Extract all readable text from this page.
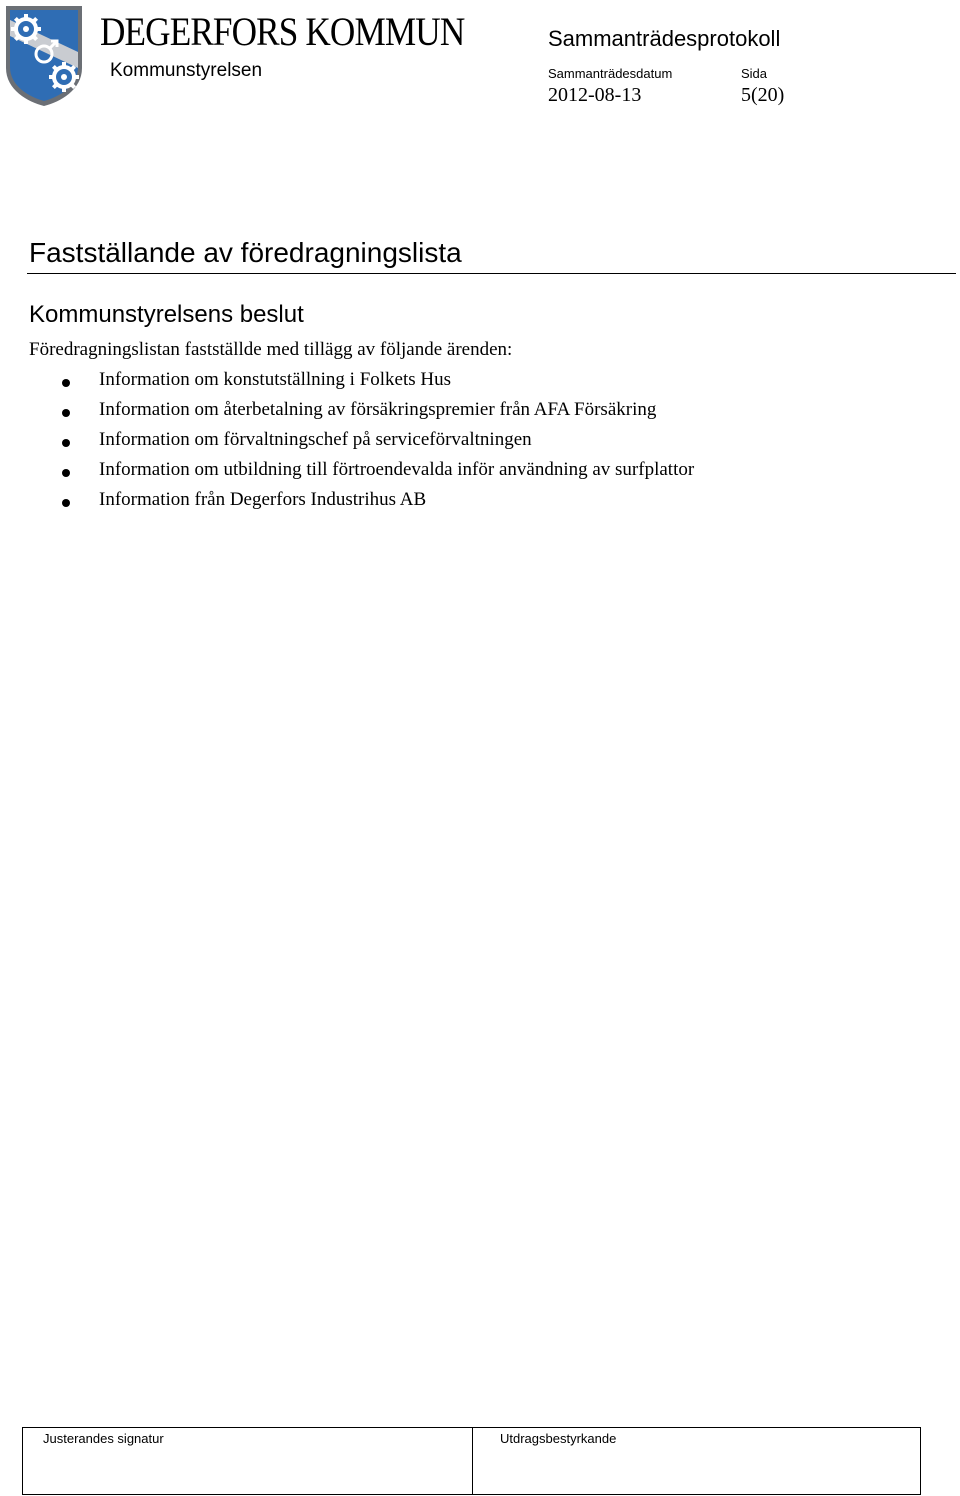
DEGERFORS KOMMUN
Kommunstyrelsen
Sammanträdesprotokoll
Sammanträdesdatum	Sida
2012-08-13	5(20)
Fastställande av föredragningslista
Kommunstyrelsens beslut
Föredragningslistan fastställde med tillägg av följande ärenden:
Information om konstutställning i Folkets Hus
Information om återbetalning av försäkringspremier från AFA Försäkring
Information om förvaltningschef på serviceförvaltningen
Information om utbildning till förtroendevalda inför användning av surfplattor
Information från Degerfors Industrihus AB
Justerandes signatur	Utdragsbestyrkande
